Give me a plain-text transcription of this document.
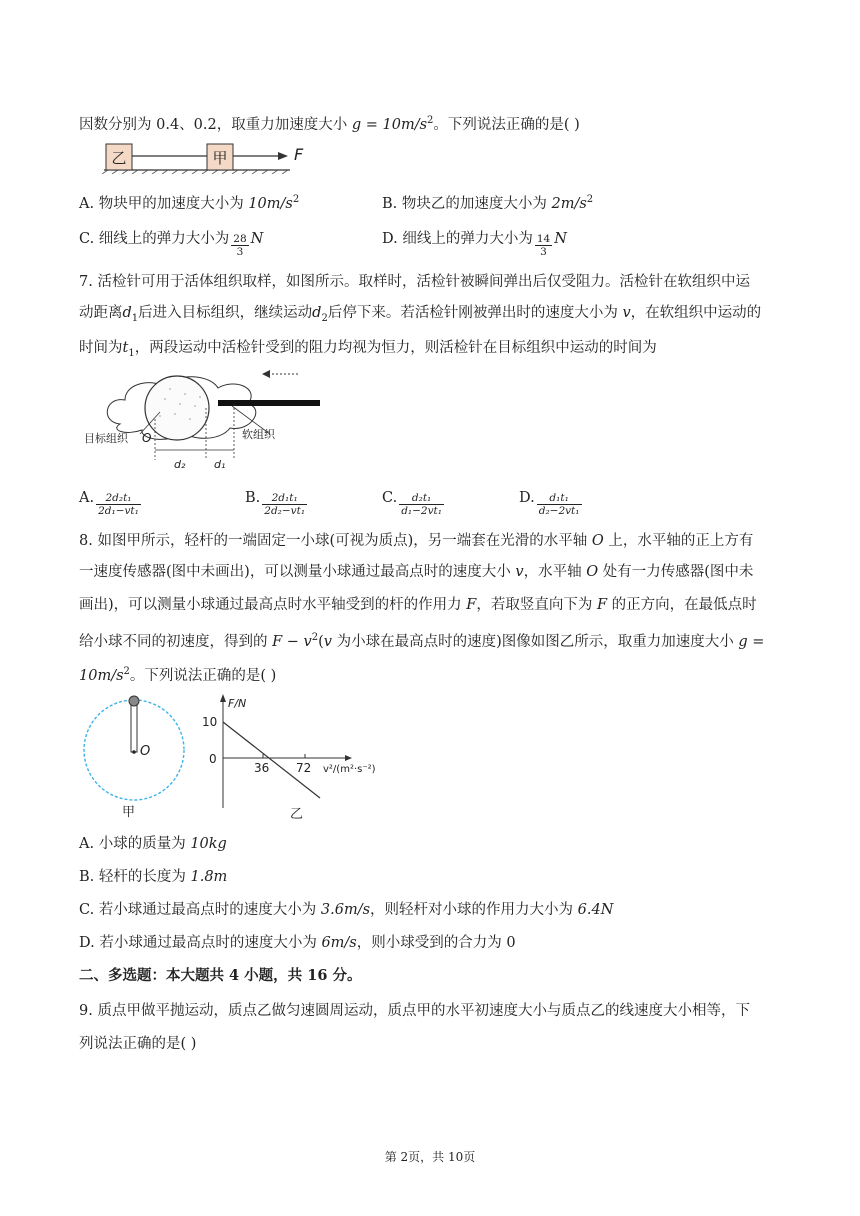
因数分别为 0.4、0.2，取重力加速度大小 $g = 10m/s^2$。下列说法正确的是( )
乙	甲	F
A. 物块甲的加速度大小为 $10m/s^2$	B. 物块乙的加速度大小为 $2m/s^2$
C. 细线上的弹力大小为 $\frac{28}{3}$ N	D. 细线上的弹力大小为 $\frac{14}{3}$ N
7. 活检针可用于活体组织取样，如图所示。取样时，活检针被瞬间弹出后仅受阻力。活检针在软组织中运
动距离$d_1$后进入目标组织，继续运动$d_2$后停下来。若活检针刚被弹出时的速度大小为 v，在软组织中运动的
时间为$t_1$，两段运动中活检针受到的阻力均视为恒力，则活检针在目标组织中运动的时间为
目标组织 O	软组织
d₂	d₁
A. $\frac{\text{2d₂t₁}}{\text{2d₁−vt₁}}$	B. $\frac{\text{2d₁t₁}}{\text{2d₂−vt₁}}$	C. $\frac{\text{d₂t₁}}{\text{d₁−2vt₁}}$	D. $\frac{\text{d₁t₁}}{\text{d₂−2vt₁}}$
8. 如图甲所示，轻杆的一端固定一小球(可视为质点)，另一端套在光滑的水平轴 O 上，水平轴的正上方有
一速度传感器(图中未画出)，可以测量小球通过最高点时的速度大小 v，水平轴 O 处有一力传感器(图中未
画出)，可以测量小球通过最高点时水平轴受到的杆的作用力 F，若取竖直向下为 F 的正方向，在最低点时
给小球不同的初速度，得到的 $F - v^2(v$ 为小球在最高点时的速度)图像如图乙所示，取重力加速度大小 g =
$10m/s^2$。下列说法正确的是( )
O
甲
F/N
10
0
36 72 v²/(m²·s⁻²)
乙
A. 小球的质量为 10kg
B. 轻杆的长度为 1.8m
C. 若小球通过最高点时的速度大小为 3.6m/s，则轻杆对小球的作用力大小为 6.4N
D. 若小球通过最高点时的速度大小为 6m/s，则小球受到的合力为 0
二、多选题：本大题共 4 小题，共 16 分。
9. 质点甲做平抛运动，质点乙做匀速圆周运动，质点甲的水平初速度大小与质点乙的线速度大小相等，下
列说法正确的是( )
第 2页，共 10页
